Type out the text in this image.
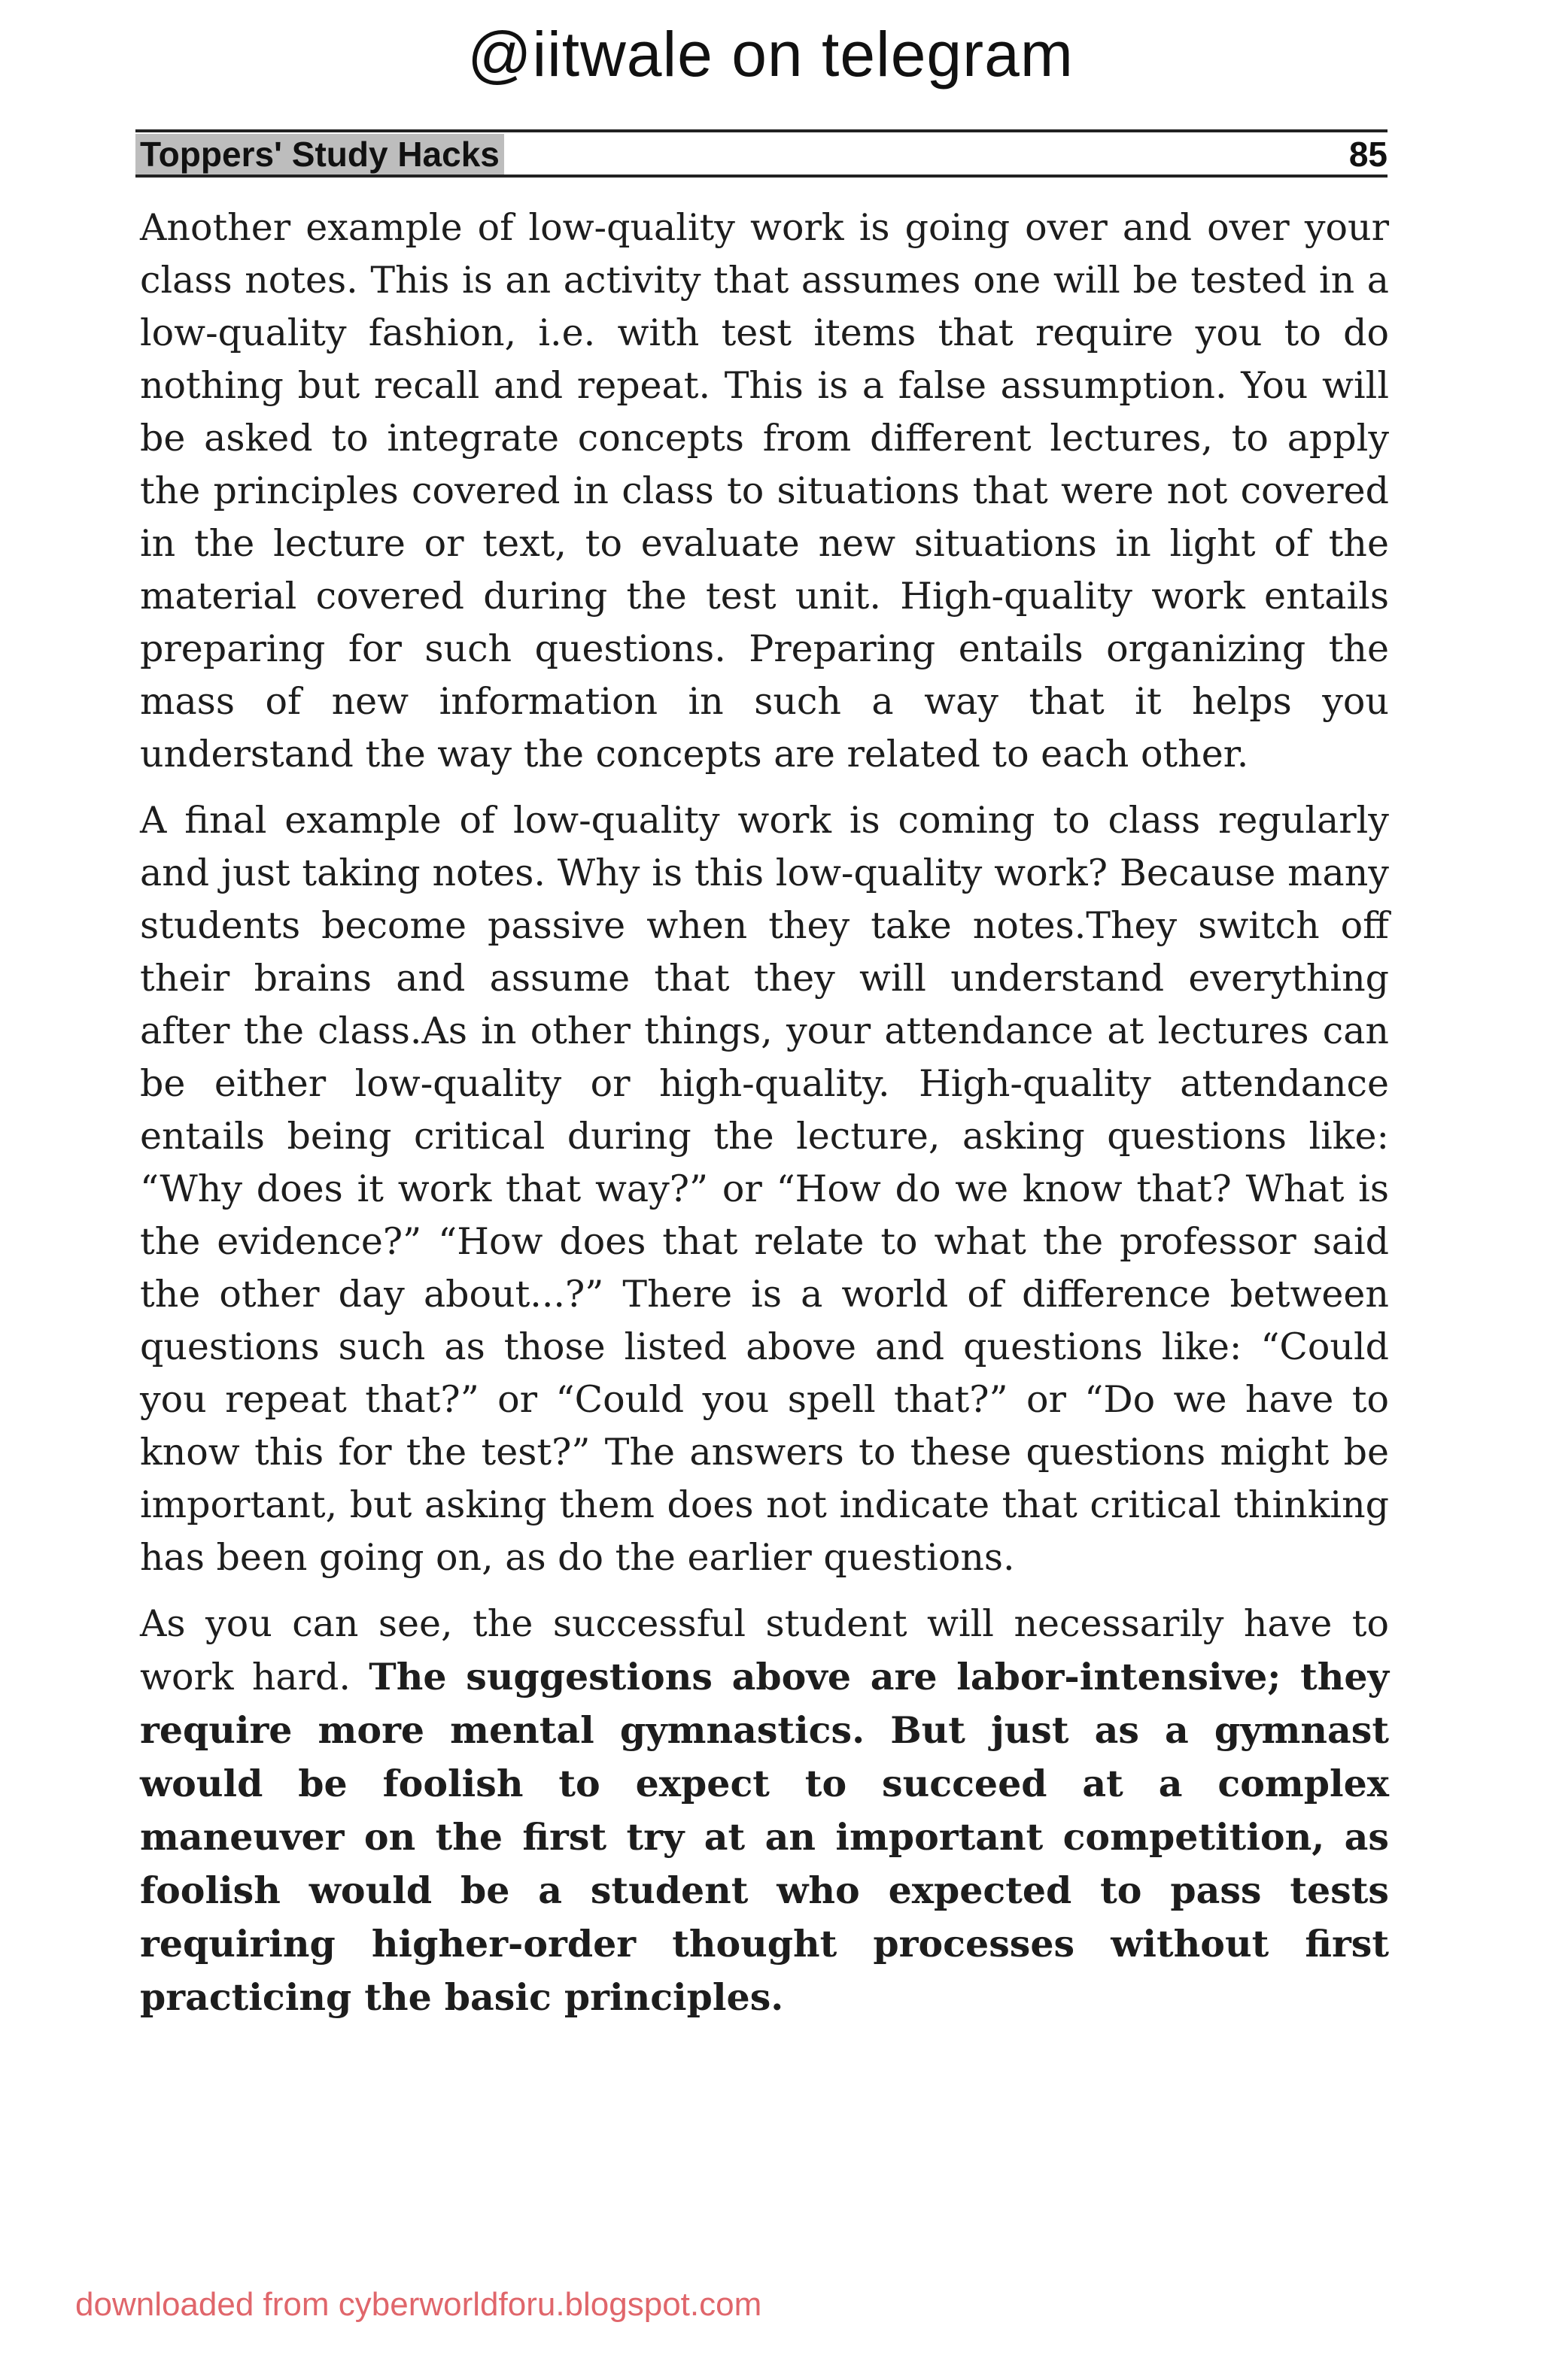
@iitwale on telegram
Toppers' Study Hacks	85

Another example of low-quality work is going over and over your class notes. This is an activity that assumes one will be tested in a low-quality fashion, i.e. with test items that require you to do nothing but recall and repeat. This is a false assumption. You will be asked to integrate concepts from different lectures, to apply the principles covered in class to situations that were not covered in the lecture or text, to evaluate new situations in light of the material covered during the test unit. High-quality work entails preparing for such questions. Preparing entails organizing the mass of new information in such a way that it helps you understand the way the concepts are related to each other.

A final example of low-quality work is coming to class regularly and just taking notes. Why is this low-quality work? Because many students become passive when they take notes.They switch off their brains and assume that they will understand everything after the class.As in other things, your attendance at lectures can be either low-quality or high-quality. High-quality attendance entails being critical during the lecture, asking questions like: “Why does it work that way?” or “How do we know that? What is the evidence?” “How does that relate to what the professor said the other day about...?” There is a world of difference between questions such as those listed above and questions like: “Could you repeat that?” or “Could you spell that?” or “Do we have to know this for the test?” The answers to these questions might be important, but asking them does not indicate that critical thinking has been going on, as do the earlier questions.

As you can see, the successful student will necessarily have to work hard. The suggestions above are labor-intensive; they require more mental gymnastics. But just as a gymnast would be foolish to expect to succeed at a complex maneuver on the first try at an important competition, as foolish would be a student who expected to pass tests requiring higher-order thought processes without first practicing the basic principles.

downloaded from cyberworldforu.blogspot.com
